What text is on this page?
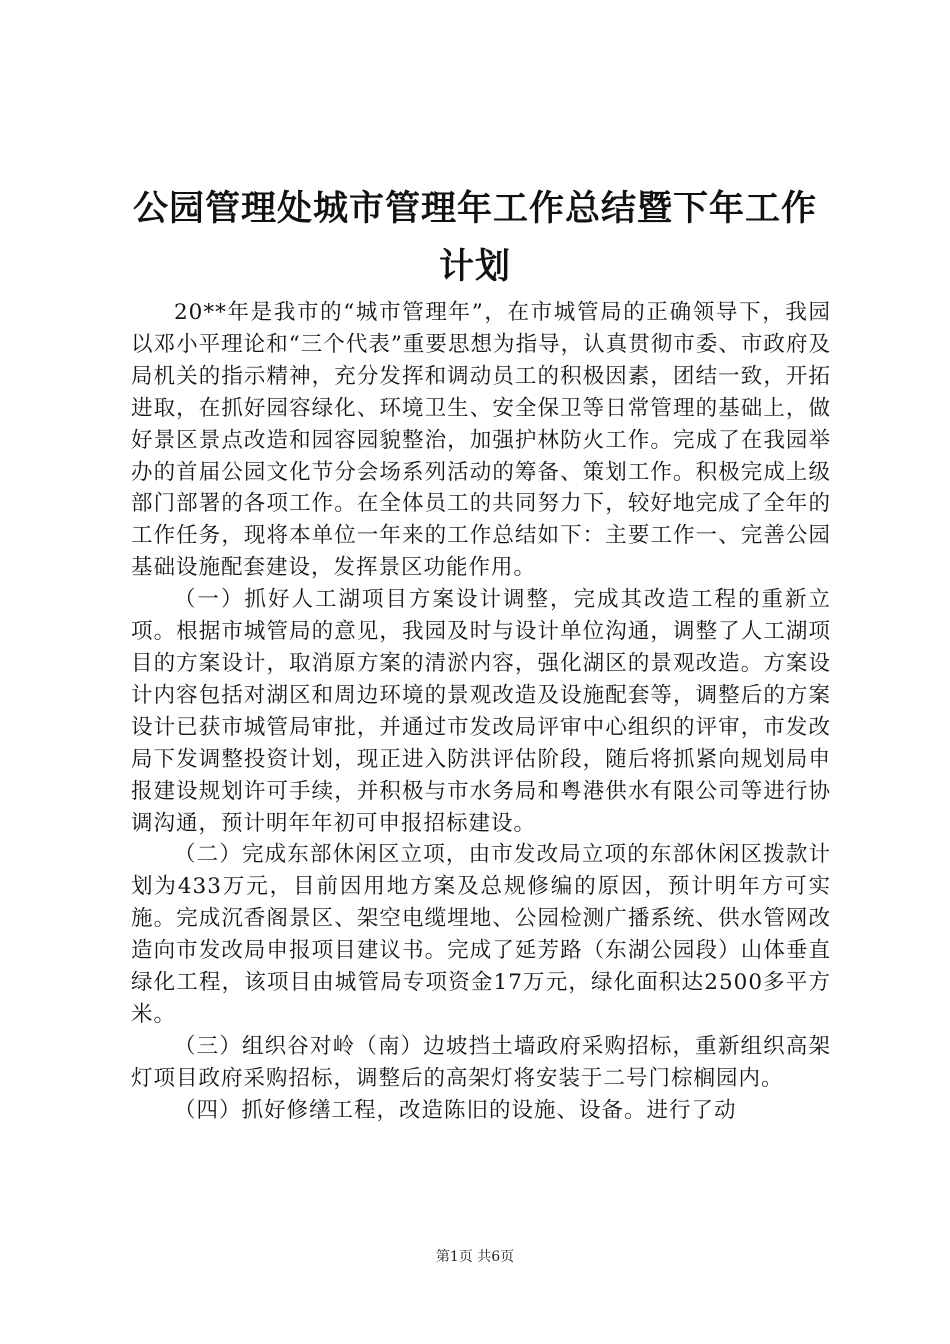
公园管理处城市管理年工作总结暨下年工作计划

20**年是我市的“城市管理年”，在市城管局的正确领导下，我园以邓小平理论和“三个代表”重要思想为指导，认真贯彻市委、市政府及局机关的指示精神，充分发挥和调动员工的积极因素，团结一致，开拓进取，在抓好园容绿化、环境卫生、安全保卫等日常管理的基础上，做好景区景点改造和园容园貌整治，加强护林防火工作。完成了在我园举办的首届公园文化节分会场系列活动的筹备、策划工作。积极完成上级部门部署的各项工作。在全体员工的共同努力下，较好地完成了全年的工作任务，现将本单位一年来的工作总结如下：主要工作一、完善公园基础设施配套建设，发挥景区功能作用。

（一）抓好人工湖项目方案设计调整，完成其改造工程的重新立项。根据市城管局的意见，我园及时与设计单位沟通，调整了人工湖项目的方案设计，取消原方案的清淤内容，强化湖区的景观改造。方案设计内容包括对湖区和周边环境的景观改造及设施配套等，调整后的方案设计已获市城管局审批，并通过市发改局评审中心组织的评审，市发改局下发调整投资计划，现正进入防洪评估阶段，随后将抓紧向规划局申报建设规划许可手续，并积极与市水务局和粤港供水有限公司等进行协调沟通，预计明年年初可申报招标建设。

（二）完成东部休闲区立项，由市发改局立项的东部休闲区拨款计划为433万元，目前因用地方案及总规修编的原因，预计明年方可实施。完成沉香阁景区、架空电缆埋地、公园检测广播系统、供水管网改造向市发改局申报项目建议书。完成了延芳路（东湖公园段）山体垂直绿化工程，该项目由城管局专项资金17万元，绿化面积达2500多平方米。

（三）组织谷对岭（南）边坡挡土墙政府采购招标，重新组织高架灯项目政府采购招标，调整后的高架灯将安装于二号门棕榈园内。

（四）抓好修缮工程，改造陈旧的设施、设备。进行了动

第1页 共6页
